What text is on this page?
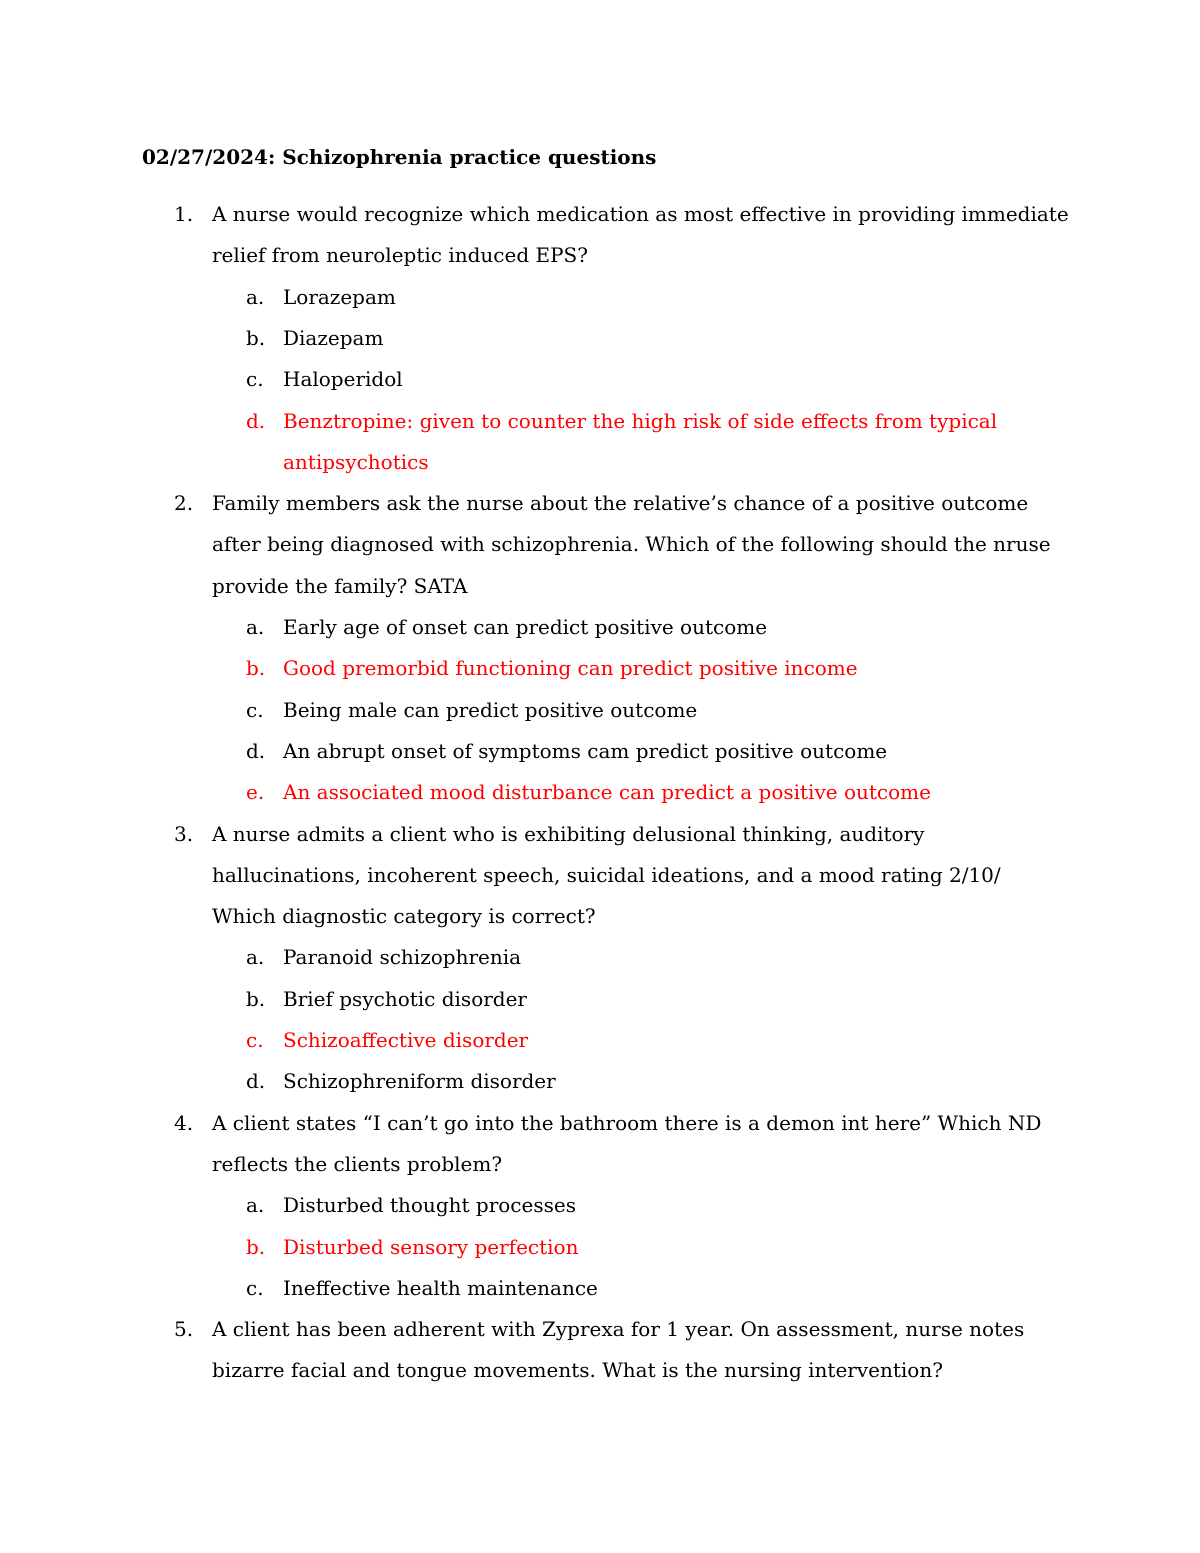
02/27/2024: Schizophrenia practice questions
1. A nurse would recognize which medication as most effective in providing immediate
relief from neuroleptic induced EPS?
a. Lorazepam
b. Diazepam
c. Haloperidol
d. Benztropine: given to counter the high risk of side effects from typical
antipsychotics
2. Family members ask the nurse about the relative’s chance of a positive outcome
after being diagnosed with schizophrenia. Which of the following should the nruse
provide the family? SATA
a. Early age of onset can predict positive outcome
b. Good premorbid functioning can predict positive income
c. Being male can predict positive outcome
d. An abrupt onset of symptoms cam predict positive outcome
e. An associated mood disturbance can predict a positive outcome
3. A nurse admits a client who is exhibiting delusional thinking, auditory
hallucinations, incoherent speech, suicidal ideations, and a mood rating 2/10/
Which diagnostic category is correct?
a. Paranoid schizophrenia
b. Brief psychotic disorder
c. Schizoaffective disorder
d. Schizophreniform disorder
4. A client states “I can’t go into the bathroom there is a demon int here” Which ND
reflects the clients problem?
a. Disturbed thought processes
b. Disturbed sensory perfection
c. Ineffective health maintenance
5. A client has been adherent with Zyprexa for 1 year. On assessment, nurse notes
bizarre facial and tongue movements. What is the nursing intervention?
